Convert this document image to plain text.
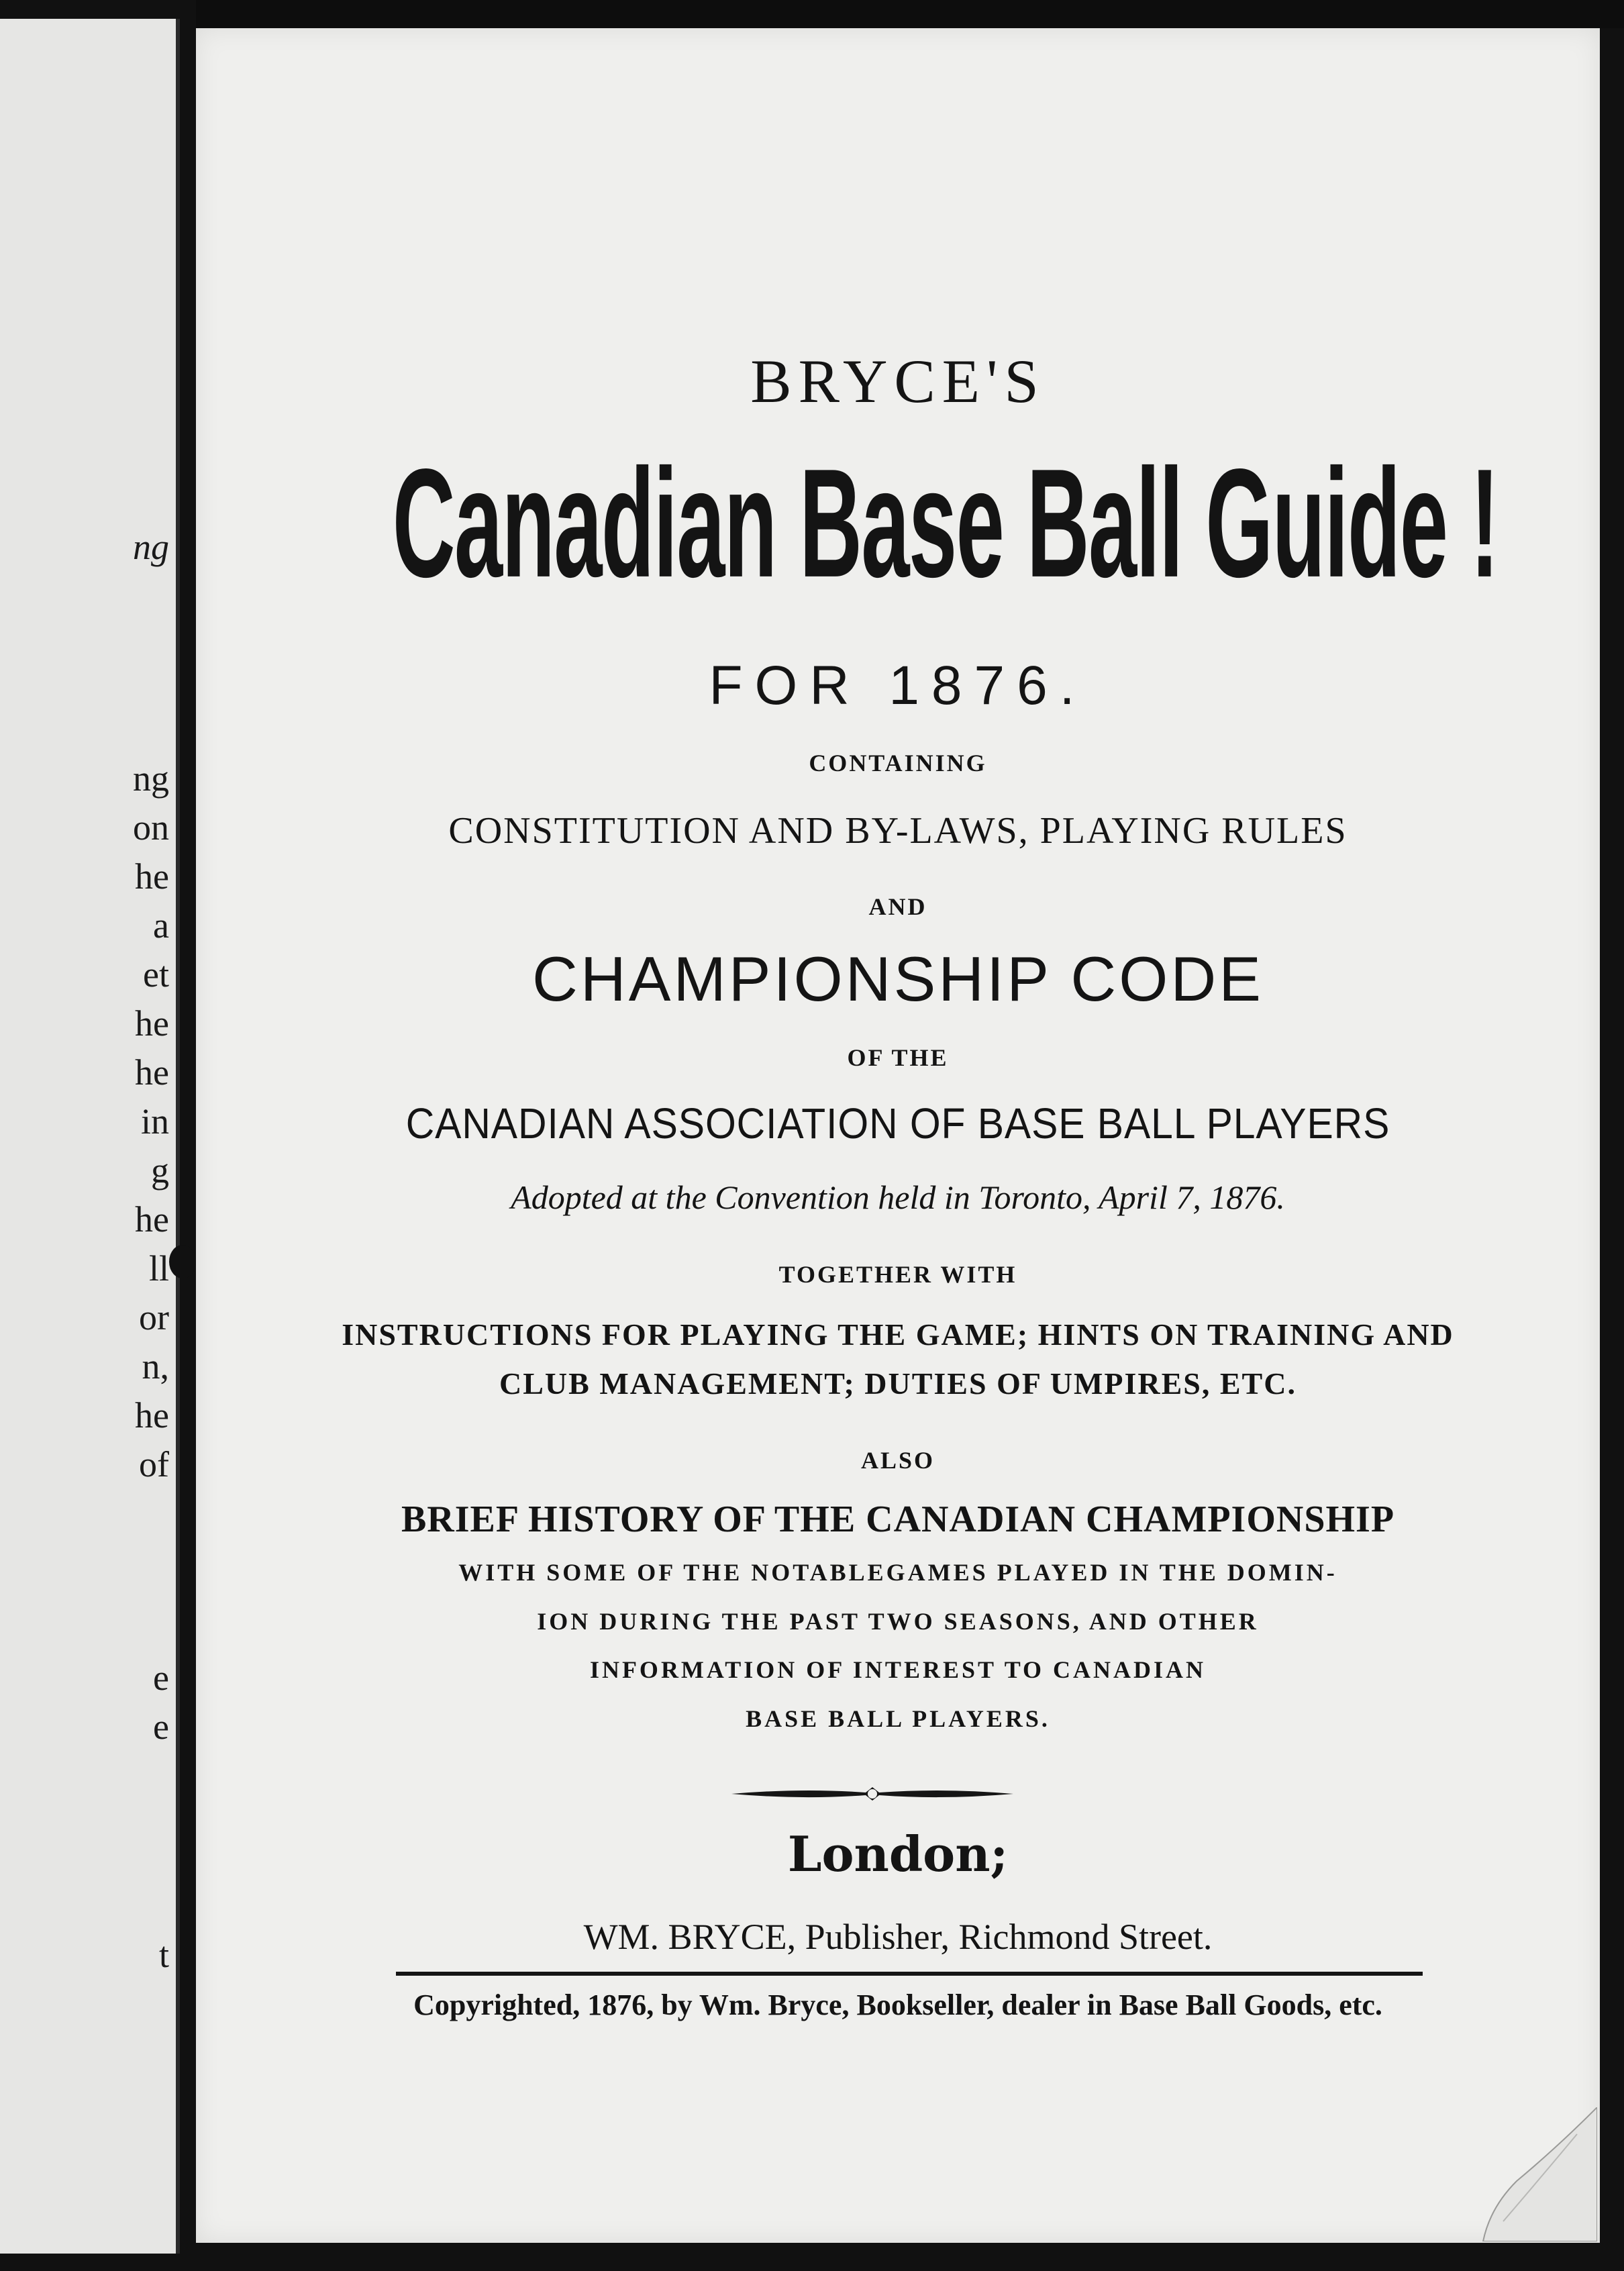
ng
ng
on
he
a
et
he
he
in
g
he
ll
or
n,
he
of
e
e
t
BRYCE'S
Canadian Base Ball Guide !
FOR 1876.
CONTAINING
CONSTITUTION AND BY-LAWS, PLAYING RULES
AND
CHAMPIONSHIP CODE
OF THE
CANADIAN ASSOCIATION OF BASE BALL PLAYERS
Adopted at the Convention held in Toronto, April 7, 1876.
TOGETHER WITH
INSTRUCTIONS FOR PLAYING THE GAME; HINTS ON TRAINING AND
CLUB MANAGEMENT; DUTIES OF UMPIRES, ETC.
ALSO
BRIEF HISTORY OF THE CANADIAN CHAMPIONSHIP
WITH SOME OF THE NOTABLEGAMES PLAYED IN THE DOMIN-
ION DURING THE PAST TWO SEASONS, AND OTHER
INFORMATION OF INTEREST TO CANADIAN
BASE BALL PLAYERS.
London;
WM. BRYCE, Publisher, Richmond Street.
Copyrighted, 1876, by Wm. Bryce, Bookseller, dealer in Base Ball Goods, etc.
